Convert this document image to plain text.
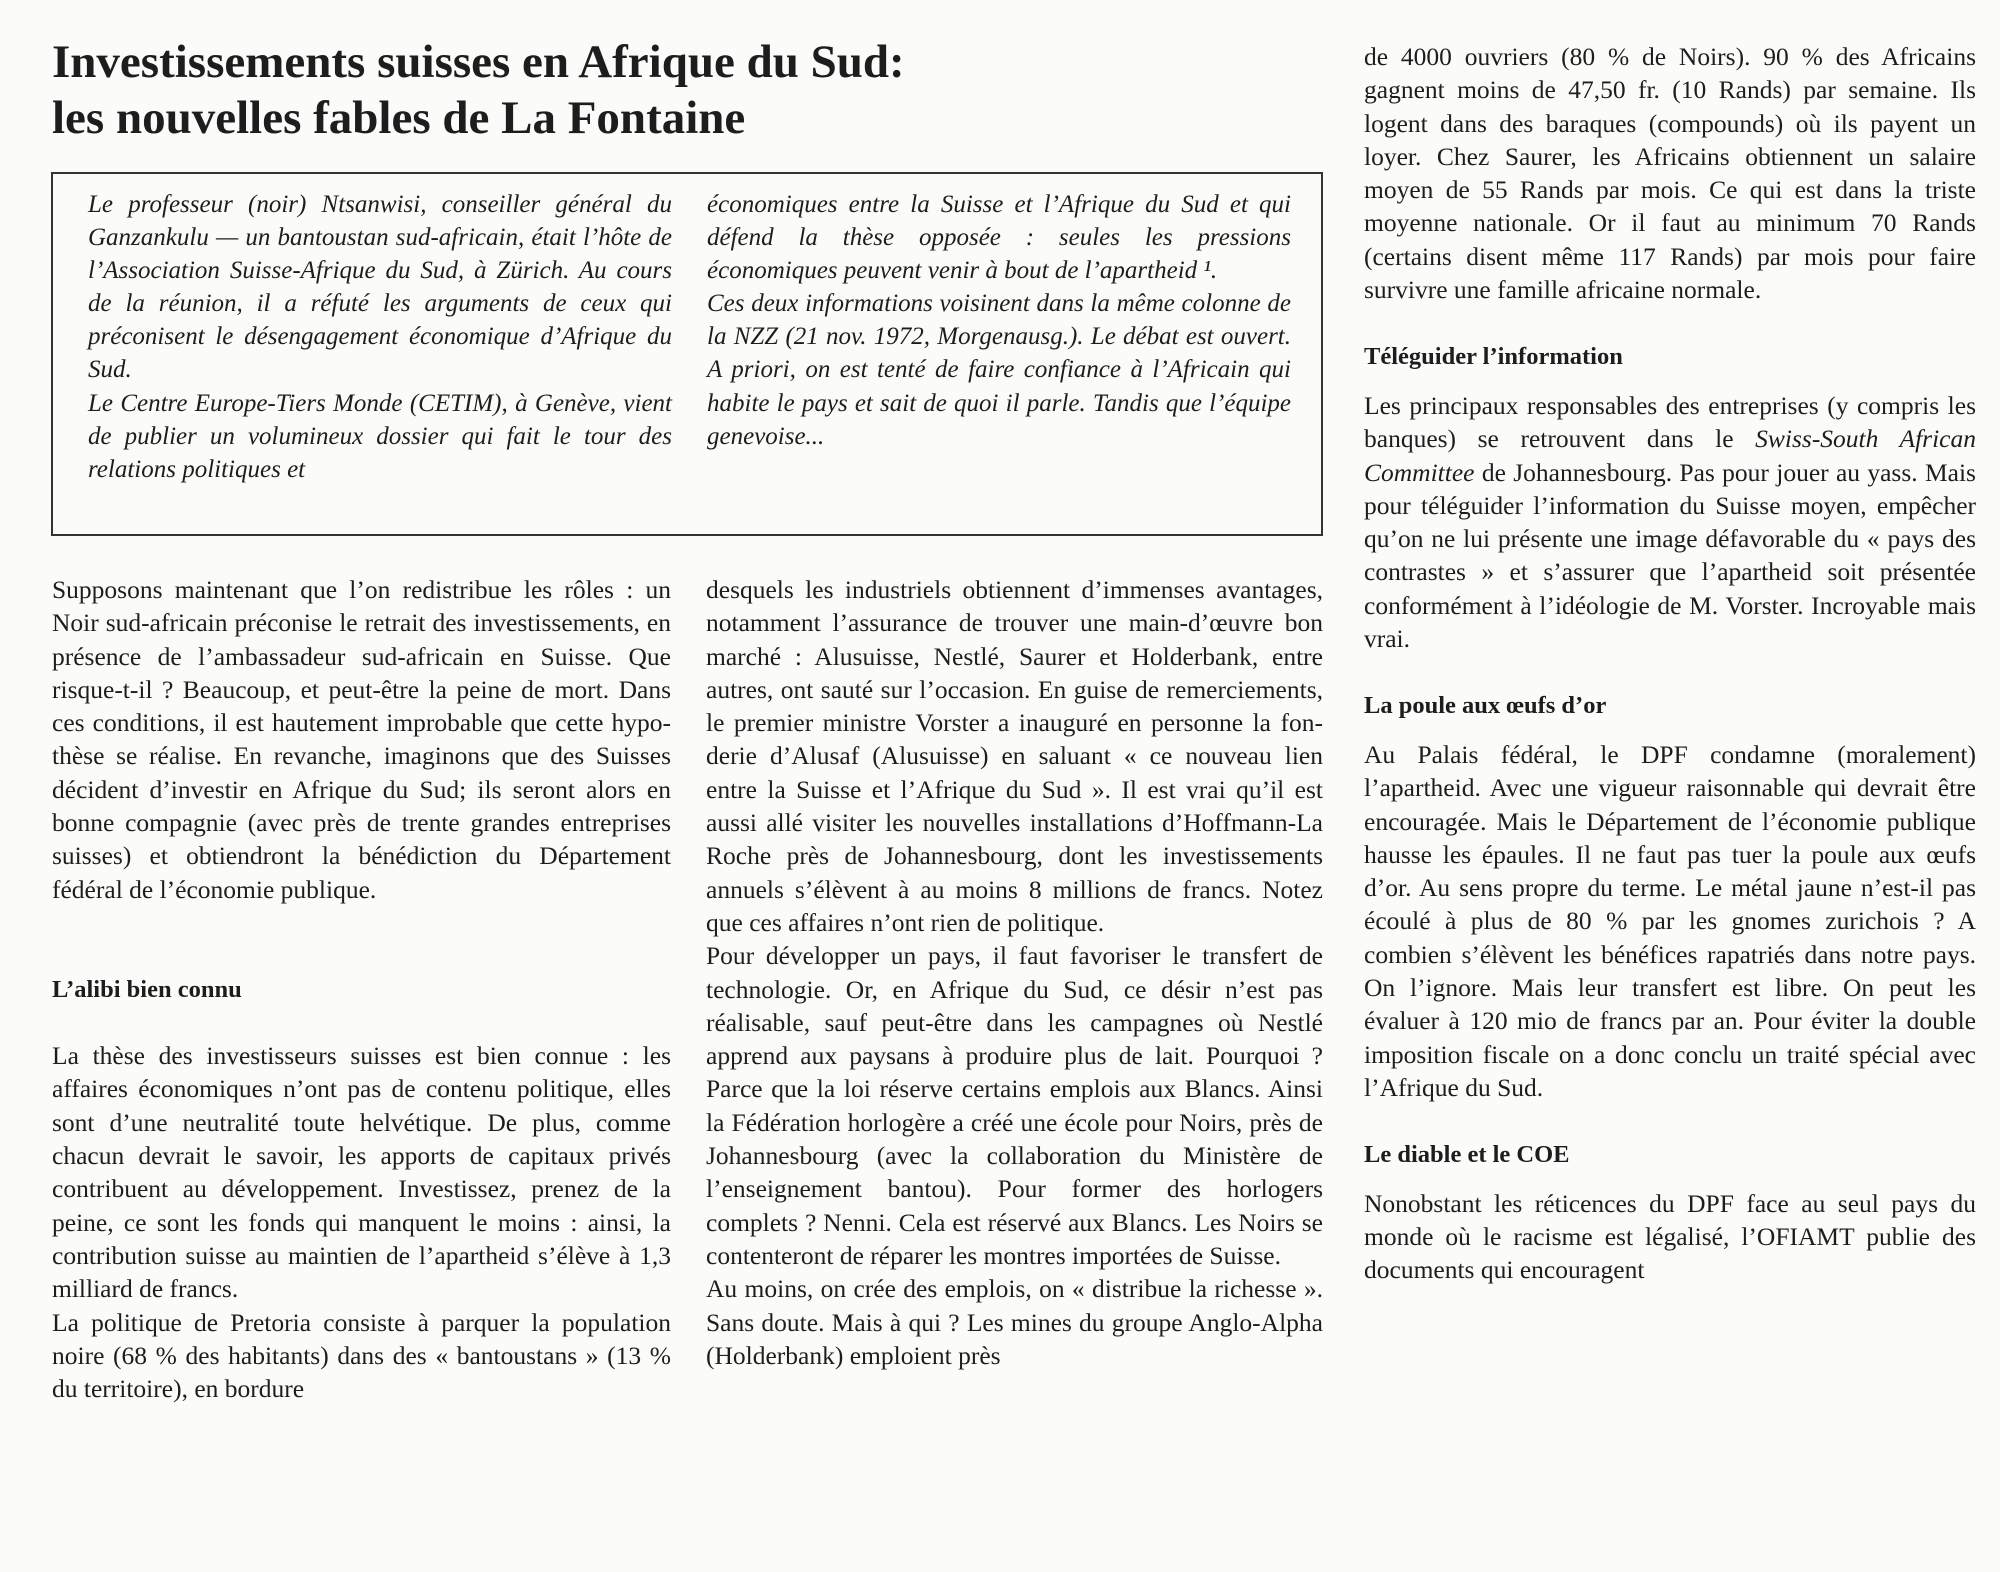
Investissements suisses en Afrique du Sud:
les nouvelles fables de La Fontaine

Le professeur (noir) Ntsanwisi, conseiller général du Ganzankulu — un bantoustan sud-africain, était l’hôte de l’Association Suisse-Afrique du Sud, à Zürich. Au cours de la réunion, il a réfuté les arguments de ceux qui préconisent le désengagement économique d’Afrique du Sud.

Le Centre Europe-Tiers Monde (CETIM), à Genève, vient de publier un volumineux dossier qui fait le tour des relations politiques et

économiques entre la Suisse et l’Afrique du Sud et qui défend la thèse opposée : seules les pressions économiques peuvent venir à bout de l’apartheid ¹.

Ces deux informations voisinent dans la même colonne de la NZZ (21 nov. 1972, Morgenausg.). Le débat est ouvert. A priori, on est tenté de faire confiance à l’Africain qui habite le pays et sait de quoi il parle. Tandis que l’équipe genevoise...

Supposons maintenant que l’on redistribue les rôles : un Noir sud-africain préconise le retrait des investissements, en présence de l’ambassadeur sud-africain en Suisse. Que risque-t-il ? Beaucoup, et peut-être la peine de mort. Dans ces conditions, il est hautement improbable que cette hypothèse se réalise. En revanche, imaginons que des Suisses décident d’investir en Afrique du Sud; ils seront alors en bonne compagnie (avec près de trente grandes entreprises suisses) et obtiendront la bénédiction du Département fédéral de l’économie publique.

L’alibi bien connu

La thèse des investisseurs suisses est bien connue : les affaires économiques n’ont pas de contenu politique, elles sont d’une neutralité toute helvétique. De plus, comme chacun devrait le savoir, les apports de capitaux privés contribuent au développement. Investissez, prenez de la peine, ce sont les fonds qui manquent le moins : ainsi, la contribution suisse au maintien de l’apartheid s’élève à 1,3 milliard de francs.

La politique de Pretoria consiste à parquer la population noire (68 % des habitants) dans des « bantoustans » (13 % du territoire), en bordure

desquels les industriels obtiennent d’immenses avantages, notamment l’assurance de trouver une main-d’œuvre bon marché : Alusuisse, Nestlé, Saurer et Holderbank, entre autres, ont sauté sur l’occasion. En guise de remerciements, le premier ministre Vorster a inauguré en personne la fonderie d’Alusaf (Alusuisse) en saluant « ce nouveau lien entre la Suisse et l’Afrique du Sud ». Il est vrai qu’il est aussi allé visiter les nouvelles installations d’Hoffmann-La Roche près de Johannesbourg, dont les investissements annuels s’élèvent à au moins 8 millions de francs. Notez que ces affaires n’ont rien de politique.

Pour développer un pays, il faut favoriser le transfert de technologie. Or, en Afrique du Sud, ce désir n’est pas réalisable, sauf peut-être dans les campagnes où Nestlé apprend aux paysans à produire plus de lait. Pourquoi ? Parce que la loi réserve certains emplois aux Blancs. Ainsi la Fédération horlogère a créé une école pour Noirs, près de Johannesbourg (avec la collaboration du Ministère de l’enseignement bantou). Pour former des horlogers complets ? Nenni. Cela est réservé aux Blancs. Les Noirs se contenteront de réparer les montres importées de Suisse.

Au moins, on crée des emplois, on « distribue la richesse ». Sans doute. Mais à qui ? Les mines du groupe Anglo-Alpha (Holderbank) emploient près

de 4000 ouvriers (80 % de Noirs). 90 % des Africains gagnent moins de 47,50 fr. (10 Rands) par semaine. Ils logent dans des baraques (compounds) où ils payent un loyer. Chez Saurer, les Africains obtiennent un salaire moyen de 55 Rands par mois. Ce qui est dans la triste moyenne nationale. Or il faut au minimum 70 Rands (certains disent même 117 Rands) par mois pour faire survivre une famille africaine normale.

Téléguider l’information

Les principaux responsables des entreprises (y compris les banques) se retrouvent dans le Swiss-South African Committee de Johannesbourg. Pas pour jouer au yass. Mais pour téléguider l’information du Suisse moyen, empêcher qu’on ne lui présente une image défavorable du « pays des contrastes » et s’assurer que l’apartheid soit présentée conformément à l’idéologie de M. Vorster. Incroyable mais vrai.

La poule aux œufs d’or

Au Palais fédéral, le DPF condamne (moralement) l’apartheid. Avec une vigueur raisonnable qui devrait être encouragée. Mais le Département de l’économie publique hausse les épaules. Il ne faut pas tuer la poule aux œufs d’or. Au sens propre du terme. Le métal jaune n’est-il pas écoulé à plus de 80 % par les gnomes zurichois ? A combien s’élèvent les bénéfices rapatriés dans notre pays. On l’ignore. Mais leur transfert est libre. On peut les évaluer à 120 mio de francs par an. Pour éviter la double imposition fiscale on a donc conclu un traité spécial avec l’Afrique du Sud.

Le diable et le COE

Nonobstant les réticences du DPF face au seul pays du monde où le racisme est légalisé, l’OFIAMT publie des documents qui encouragent
